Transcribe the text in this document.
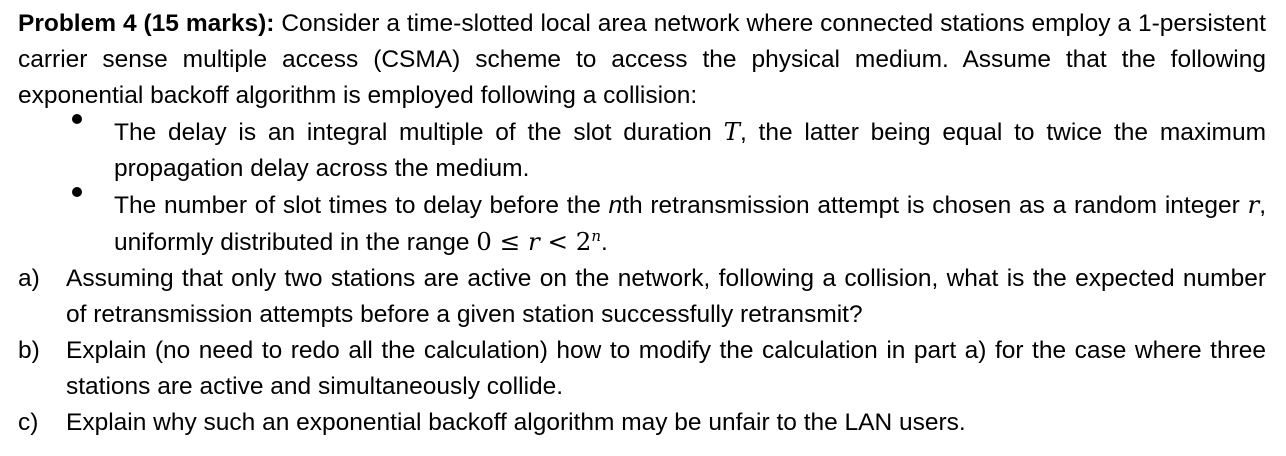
Problem 4 (15 marks): Consider a time-slotted local area network where connected stations employ a 1-persistent carrier sense multiple access (CSMA) scheme to access the physical medium. Assume that the following exponential backoff algorithm is employed following a collision:

The delay is an integral multiple of the slot duration T, the latter being equal to twice the maximum propagation delay across the medium.
The number of slot times to delay before the nth retransmission attempt is chosen as a random integer r, uniformly distributed in the range $0 \le r < 2^n$.
a)	Assuming that only two stations are active on the network, following a collision, what is the expected number of retransmission attempts before a given station successfully retransmit?
b)	Explain (no need to redo all the calculation) how to modify the calculation in part a) for the case where three stations are active and simultaneously collide.
c)	Explain why such an exponential backoff algorithm may be unfair to the LAN users.
